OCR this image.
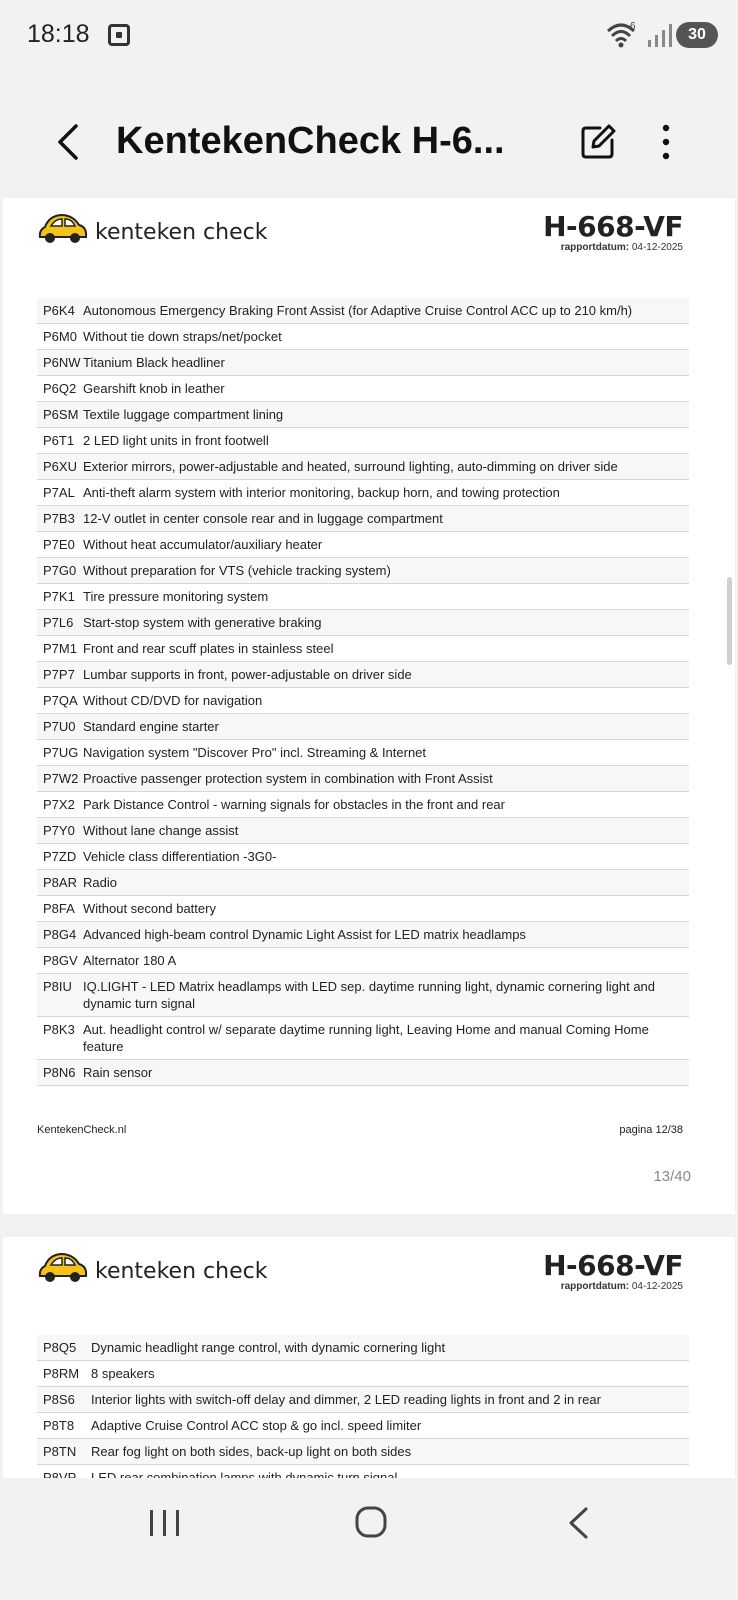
18:18	6	30
KentekenCheck H-6...
kenteken check	H-668-VF
rapportdatum: 04-12-2025
P6K4 Autonomous Emergency Braking Front Assist (for Adaptive Cruise Control ACC up to 210 km/h)
P6M0 Without tie down straps/net/pocket
P6NW Titanium Black headliner
P6Q2 Gearshift knob in leather
P6SM Textile luggage compartment lining
P6T1 2 LED light units in front footwell
P6XU Exterior mirrors, power-adjustable and heated, surround lighting, auto-dimming on driver side
P7AL Anti-theft alarm system with interior monitoring, backup horn, and towing protection
P7B3 12-V outlet in center console rear and in luggage compartment
P7E0 Without heat accumulator/auxiliary heater
P7G0 Without preparation for VTS (vehicle tracking system)
P7K1 Tire pressure monitoring system
P7L6 Start-stop system with generative braking
P7M1 Front and rear scuff plates in stainless steel
P7P7 Lumbar supports in front, power-adjustable on driver side
P7QA Without CD/DVD for navigation
P7U0 Standard engine starter
P7UG Navigation system "Discover Pro" incl. Streaming & Internet
P7W2 Proactive passenger protection system in combination with Front Assist
P7X2 Park Distance Control - warning signals for obstacles in the front and rear
P7Y0 Without lane change assist
P7ZD Vehicle class differentiation -3G0-
P8AR Radio
P8FA Without second battery
P8G4 Advanced high-beam control Dynamic Light Assist for LED matrix headlamps
P8GV Alternator 180 A
P8IU IQ.LIGHT - LED Matrix headlamps with LED sep. daytime running light, dynamic cornering light and dynamic turn signal
P8K3 Aut. headlight control w/ separate daytime running light, Leaving Home and manual Coming Home feature
P8N6 Rain sensor
KentekenCheck.nl	pagina 12/38
13/40
kenteken check	H-668-VF
rapportdatum: 04-12-2025
P8Q5	Dynamic headlight range control, with dynamic cornering light
P8RM 8 speakers
P8S6	Interior lights with switch-off delay and dimmer, 2 LED reading lights in front and 2 in rear
P8T8	Adaptive Cruise Control ACC stop & go incl. speed limiter
P8TN	Rear fog light on both sides, back-up light on both sides
